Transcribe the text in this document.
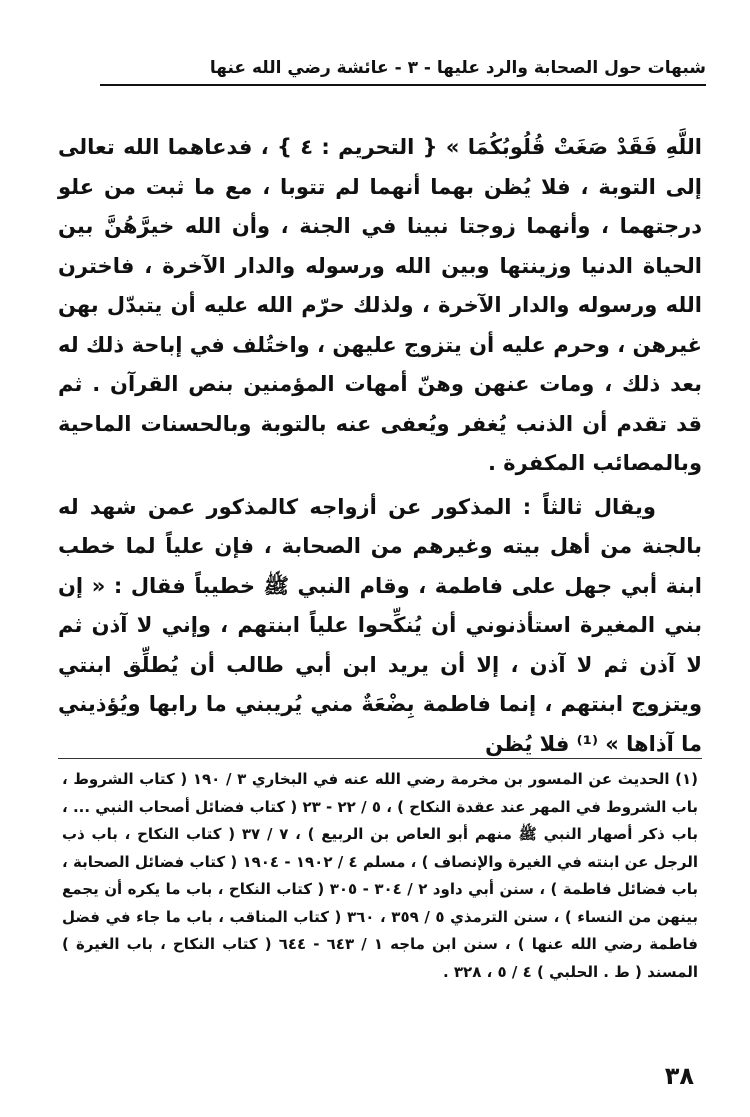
شبهات حول الصحابة والرد عليها - ٣ - عائشة رضي الله عنها

اللَّهِ فَقَدْ صَغَتْ قُلُوبُكُمَا » { التحريم : ٤ } ، فدعاهما الله تعالى إلى التوبة ، فلا يُظن بهما أنهما لم تتوبا ، مع ما ثبت من علو درجتهما ، وأنهما زوجتا نبينا في الجنة ، وأن الله خيرَّهُنَّ بين الحياة الدنيا وزينتها وبين الله ورسوله والدار الآخرة ، فاخترن الله ورسوله والدار الآخرة ، ولذلك حرّم الله عليه أن يتبدّل بهن غيرهن ، وحرم عليه أن يتزوج عليهن ، واختُلف في إباحة ذلك له بعد ذلك ، ومات عنهن وهنّ أمهات المؤمنين بنص القرآن . ثم قد تقدم أن الذنب يُغفر ويُعفى عنه بالتوبة وبالحسنات الماحية وبالمصائب المكفرة .

ويقال ثالثاً : المذكور عن أزواجه كالمذكور عمن شهد له بالجنة من أهل بيته وغيرهم من الصحابة ، فإن علياً لما خطب ابنة أبي جهل على فاطمة ، وقام النبي ﷺ خطيباً فقال : « إن بني المغيرة استأذنوني أن يُنكِّحوا علياً ابنتهم ، وإني لا آذن ثم لا آذن ثم لا آذن ، إلا أن يريد ابن أبي طالب أن يُطلِّق ابنتي ويتزوج ابنتهم ، إنما فاطمة بِضْعَةٌ مني يُريبني ما رابها ويُؤذيني ما آذاها » ⁽¹⁾ فلا يُظن

(١) الحديث عن المسور بن مخرمة رضي الله عنه في البخاري ٣ / ١٩٠ ( كتاب الشروط ، باب الشروط في المهر عند عقدة النكاح ) ، ٥ / ٢٢ - ٢٣ ( كتاب فضائل أصحاب النبي ... ، باب ذكر أصهار النبي ﷺ منهم أبو العاص بن الربيع ) ، ٧ / ٣٧ ( كتاب النكاح ، باب ذب الرجل عن ابنته في الغيرة والإنصاف ) ، مسلم ٤ / ١٩٠٢ - ١٩٠٤ ( كتاب فضائل الصحابة ، باب فضائل فاطمة ) ، سنن أبي داود ٢ / ٣٠٤ - ٣٠٥ ( كتاب النكاح ، باب ما يكره أن يجمع بينهن من النساء ) ، سنن الترمذي ٥ / ٣٥٩ ، ٣٦٠ ( كتاب المناقب ، باب ما جاء في فضل فاطمة رضي الله عنها ) ، سنن ابن ماجه ١ / ٦٤٣ - ٦٤٤ ( كتاب النكاح ، باب الغيرة ) المسند ( ط . الحلبي ) ٤ / ٥ ، ٣٢٨ .

٣٨
